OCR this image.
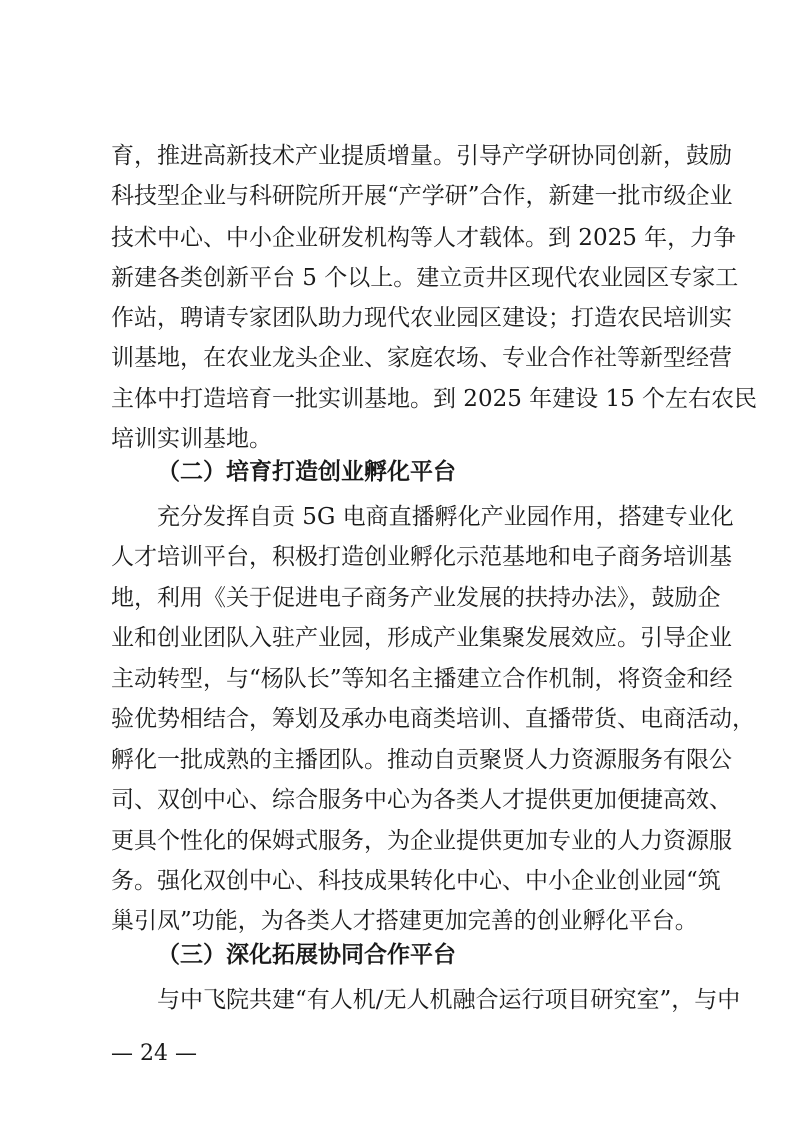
育，推进高新技术产业提质增量。引导产学研协同创新，鼓励
科技型企业与科研院所开展“产学研”合作，新建一批市级企业
技术中心、中小企业研发机构等人才载体。到 2025 年，力争
新建各类创新平台 5 个以上。建立贡井区现代农业园区专家工
作站，聘请专家团队助力现代农业园区建设；打造农民培训实
训基地，在农业龙头企业、家庭农场、专业合作社等新型经营
主体中打造培育一批实训基地。到 2025 年建设 15 个左右农民
培训实训基地。
（二）培育打造创业孵化平台
充分发挥自贡 5G 电商直播孵化产业园作用，搭建专业化
人才培训平台，积极打造创业孵化示范基地和电子商务培训基
地，利用《关于促进电子商务产业发展的扶持办法》，鼓励企
业和创业团队入驻产业园，形成产业集聚发展效应。引导企业
主动转型，与“杨队长”等知名主播建立合作机制，将资金和经
验优势相结合，筹划及承办电商类培训、直播带货、电商活动，
孵化一批成熟的主播团队。推动自贡聚贤人力资源服务有限公
司、双创中心、综合服务中心为各类人才提供更加便捷高效、
更具个性化的保姆式服务，为企业提供更加专业的人力资源服
务。强化双创中心、科技成果转化中心、中小企业创业园“筑
巢引凤”功能，为各类人才搭建更加完善的创业孵化平台。
（三）深化拓展协同合作平台
与中飞院共建“有人机/无人机融合运行项目研究室”，与中
— 24 —
